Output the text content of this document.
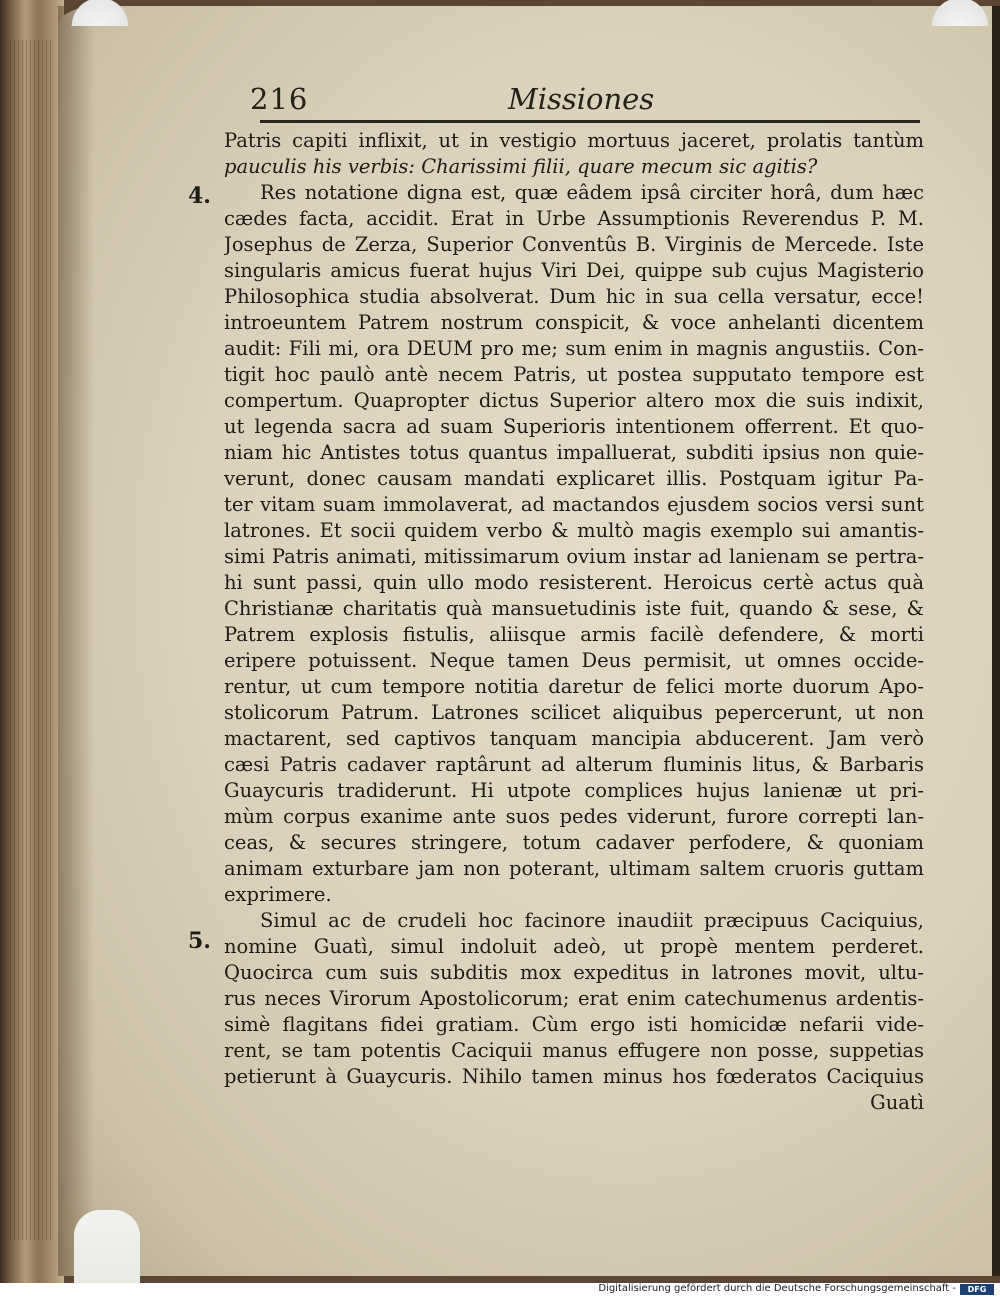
216	Missiones
4.
5.
Patris capiti inflixit, ut in vestigio mortuus jaceret, prolatis tantùm
pauculis his verbis: Charissimi filii, quare mecum sic agitis?
Res notatione digna est, quæ eâdem ipsâ circiter horâ, dum hæc
cædes facta, accidit. Erat in Urbe Assumptionis Reverendus P. M.
Josephus de Zerza, Superior Conventûs B. Virginis de Mercede. Iste
singularis amicus fuerat hujus Viri Dei, quippe sub cujus Magisterio
Philosophica studia absolverat. Dum hic in sua cella versatur, ecce!
introeuntem Patrem nostrum conspicit, & voce anhelanti dicentem
audit: Fili mi, ora DEUM pro me; sum enim in magnis angustiis. Con-
tigit hoc paulò antè necem Patris, ut postea supputato tempore est
compertum. Quapropter dictus Superior altero mox die suis indixit,
ut legenda sacra ad suam Superioris intentionem offerrent. Et quo-
niam hic Antistes totus quantus impalluerat, subditi ipsius non quie-
verunt, donec causam mandati explicaret illis. Postquam igitur Pa-
ter vitam suam immolaverat, ad mactandos ejusdem socios versi sunt
latrones. Et socii quidem verbo & multò magis exemplo sui amantis-
simi Patris animati, mitissimarum ovium instar ad lanienam se pertra-
hi sunt passi, quin ullo modo resisterent. Heroicus certè actus quà
Christianæ charitatis quà mansuetudinis iste fuit, quando & sese, &
Patrem explosis fistulis, aliisque armis facilè defendere, & morti
eripere potuissent. Neque tamen Deus permisit, ut omnes occide-
rentur, ut cum tempore notitia daretur de felici morte duorum Apo-
stolicorum Patrum. Latrones scilicet aliquibus pepercerunt, ut non
mactarent, sed captivos tanquam mancipia abducerent. Jam verò
cæsi Patris cadaver raptârunt ad alterum fluminis litus, & Barbaris
Guaycuris tradiderunt. Hi utpote complices hujus lanienæ ut pri-
mùm corpus exanime ante suos pedes viderunt, furore correpti lan-
ceas, & secures stringere, totum cadaver perfodere, & quoniam
animam exturbare jam non poterant, ultimam saltem cruoris guttam
exprimere.
Simul ac de crudeli hoc facinore inaudiit præcipuus Caciquius,
nomine Guatì, simul indoluit adeò, ut propè mentem perderet.
Quocirca cum suis subditis mox expeditus in latrones movit, ultu-
rus neces Virorum Apostolicorum; erat enim catechumenus ardentis-
simè flagitans fidei gratiam. Cùm ergo isti homicidæ nefarii vide-
rent, se tam potentis Caciquii manus effugere non posse, suppetias
petierunt à Guaycuris. Nihilo tamen minus hos fœderatos Caciquius
Guatì
Digitalisierung gefördert durch die Deutsche Forschungsgemeinschaft -	DFG
